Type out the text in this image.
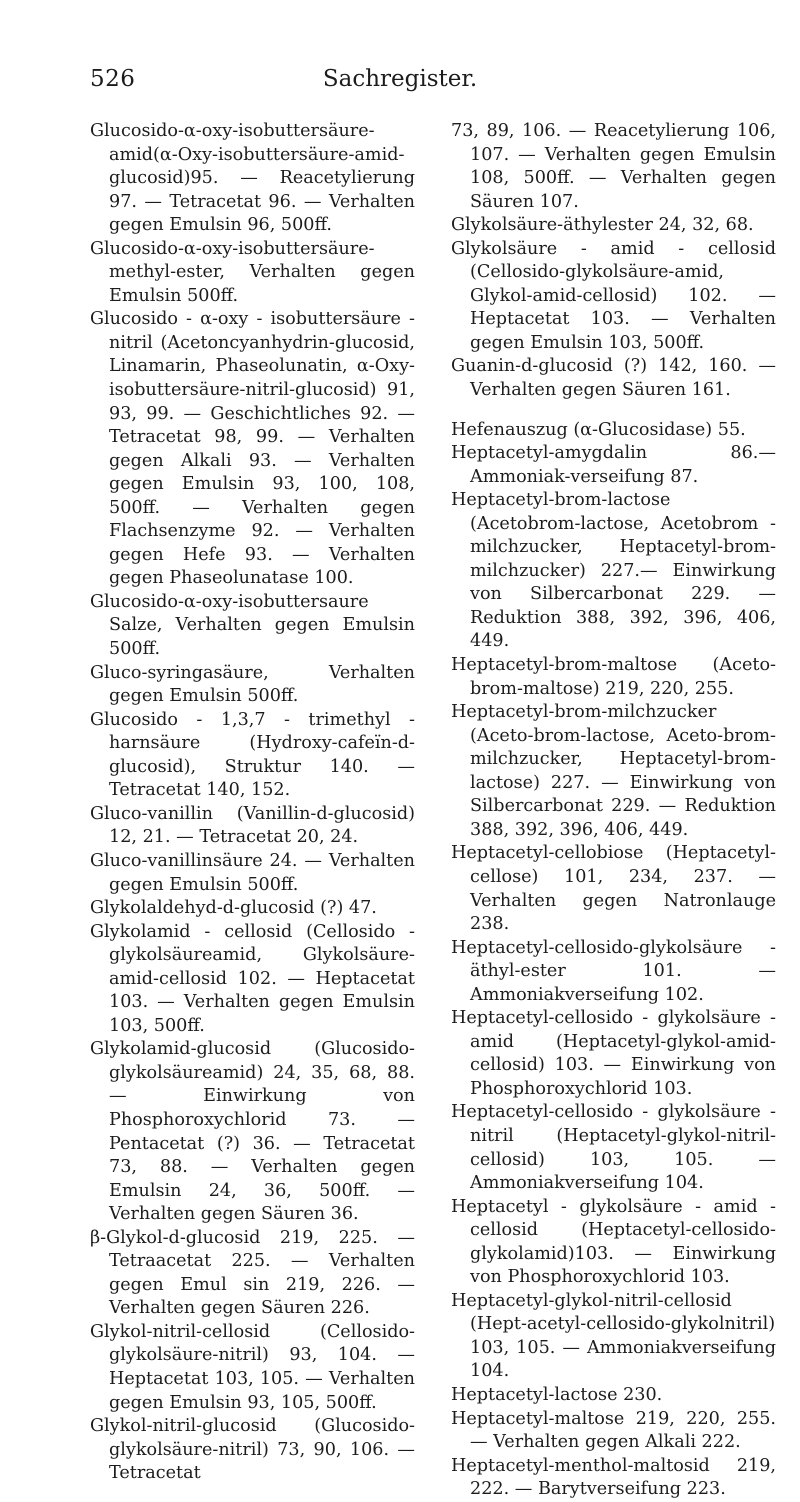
526	Sachregister.

Glucosido-α-oxy-isobuttersäure-amid(α-Oxy-isobuttersäure-amid-glucosid)95. — Reacetylierung 97. — Tetracetat 96. — Verhalten gegen Emulsin 96, 500ff.

Glucosido-α-oxy-isobuttersäure-methyl-ester, Verhalten gegen Emulsin 500ff.

Glucosido - α-oxy - isobuttersäure - nitril (Acetoncyanhydrin-glucosid, Linamarin, Phaseolunatin, α-Oxy-isobuttersäure-nitril-glucosid) 91, 93, 99. — Geschichtliches 92. — Tetracetat 98, 99. — Verhalten gegen Alkali 93. — Verhalten gegen Emulsin 93, 100, 108, 500ff. — Verhalten gegen Flachsenzyme 92. — Verhalten gegen Hefe 93. — Verhalten gegen Phaseolunatase 100.

Glucosido-α-oxy-isobuttersaure Salze, Verhalten gegen Emulsin 500ff.

Gluco-syringasäure, Verhalten gegen Emulsin 500ff.

Glucosido - 1,3,7 - trimethyl - harnsäure (Hydroxy-cafeïn-d-glucosid), Struktur 140. — Tetracetat 140, 152.

Gluco-vanillin (Vanillin-d-glucosid) 12, 21. — Tetracetat 20, 24.

Gluco-vanillinsäure 24. — Verhalten gegen Emulsin 500ff.

Glykolaldehyd-d-glucosid (?) 47.

Glykolamid - cellosid (Cellosido - glykolsäureamid, Glykolsäure-amid-cellosid 102. — Heptacetat 103. — Verhalten gegen Emulsin 103, 500ff.

Glykolamid-glucosid (Glucosido-glykolsäureamid) 24, 35, 68, 88. — Einwirkung von Phosphoroxychlorid 73. — Pentacetat (?) 36. — Tetracetat 73, 88. — Verhalten gegen Emulsin 24, 36, 500ff. — Verhalten gegen Säuren 36.

β-Glykol-d-glucosid 219, 225. — Tetraacetat 225. — Verhalten gegen Emul sin 219, 226. — Verhalten gegen Säuren 226.

Glykol-nitril-cellosid (Cellosido-glykolsäure-nitril) 93, 104. — Heptacetat 103, 105. — Verhalten gegen Emulsin 93, 105, 500ff.

Glykol-nitril-glucosid (Glucosido-glykolsäure-nitril) 73, 90, 106. — Tetracetat

73, 89, 106. — Reacetylierung 106, 107. — Verhalten gegen Emulsin 108, 500ff. — Verhalten gegen Säuren 107.

Glykolsäure-äthylester 24, 32, 68.

Glykolsäure - amid - cellosid (Cellosido-glykolsäure-amid, Glykol-amid-cellosid) 102. — Heptacetat 103. — Verhalten gegen Emulsin 103, 500ff.

Guanin-d-glucosid (?) 142, 160. — Verhalten gegen Säuren 161.

Hefenauszug (α-Glucosidase) 55.

Heptacetyl-amygdalin 86.—Ammoniak-verseifung 87.

Heptacetyl-brom-lactose (Acetobrom-lactose, Acetobrom - milchzucker, Heptacetyl-brom-milchzucker) 227.— Einwirkung von Silbercarbonat 229. — Reduktion 388, 392, 396, 406, 449.

Heptacetyl-brom-maltose (Aceto-brom-maltose) 219, 220, 255.

Heptacetyl-brom-milchzucker (Aceto-brom-lactose, Aceto-brom-milchzucker, Heptacetyl-brom-lactose) 227. — Einwirkung von Silbercarbonat 229. — Reduktion 388, 392, 396, 406, 449.

Heptacetyl-cellobiose (Heptacetyl-cellose) 101, 234, 237. — Verhalten gegen Natronlauge 238.

Heptacetyl-cellosido-glykolsäure - äthyl-ester 101. — Ammoniakverseifung 102.

Heptacetyl-cellosido - glykolsäure - amid (Heptacetyl-glykol-amid-cellosid) 103. — Einwirkung von Phosphoroxychlorid 103.

Heptacetyl-cellosido - glykolsäure - nitril (Heptacetyl-glykol-nitril-cellosid) 103, 105. — Ammoniakverseifung 104.

Heptacetyl - glykolsäure - amid - cellosid (Heptacetyl-cellosido-glykolamid)103. — Einwirkung von Phosphoroxychlorid 103.

Heptacetyl-glykol-nitril-cellosid (Hept-acetyl-cellosido-glykolnitril) 103, 105. — Ammoniakverseifung 104.

Heptacetyl-lactose 230.

Heptacetyl-maltose 219, 220, 255. — Verhalten gegen Alkali 222.

Heptacetyl-menthol-maltosid 219, 222. — Barytverseifung 223.
